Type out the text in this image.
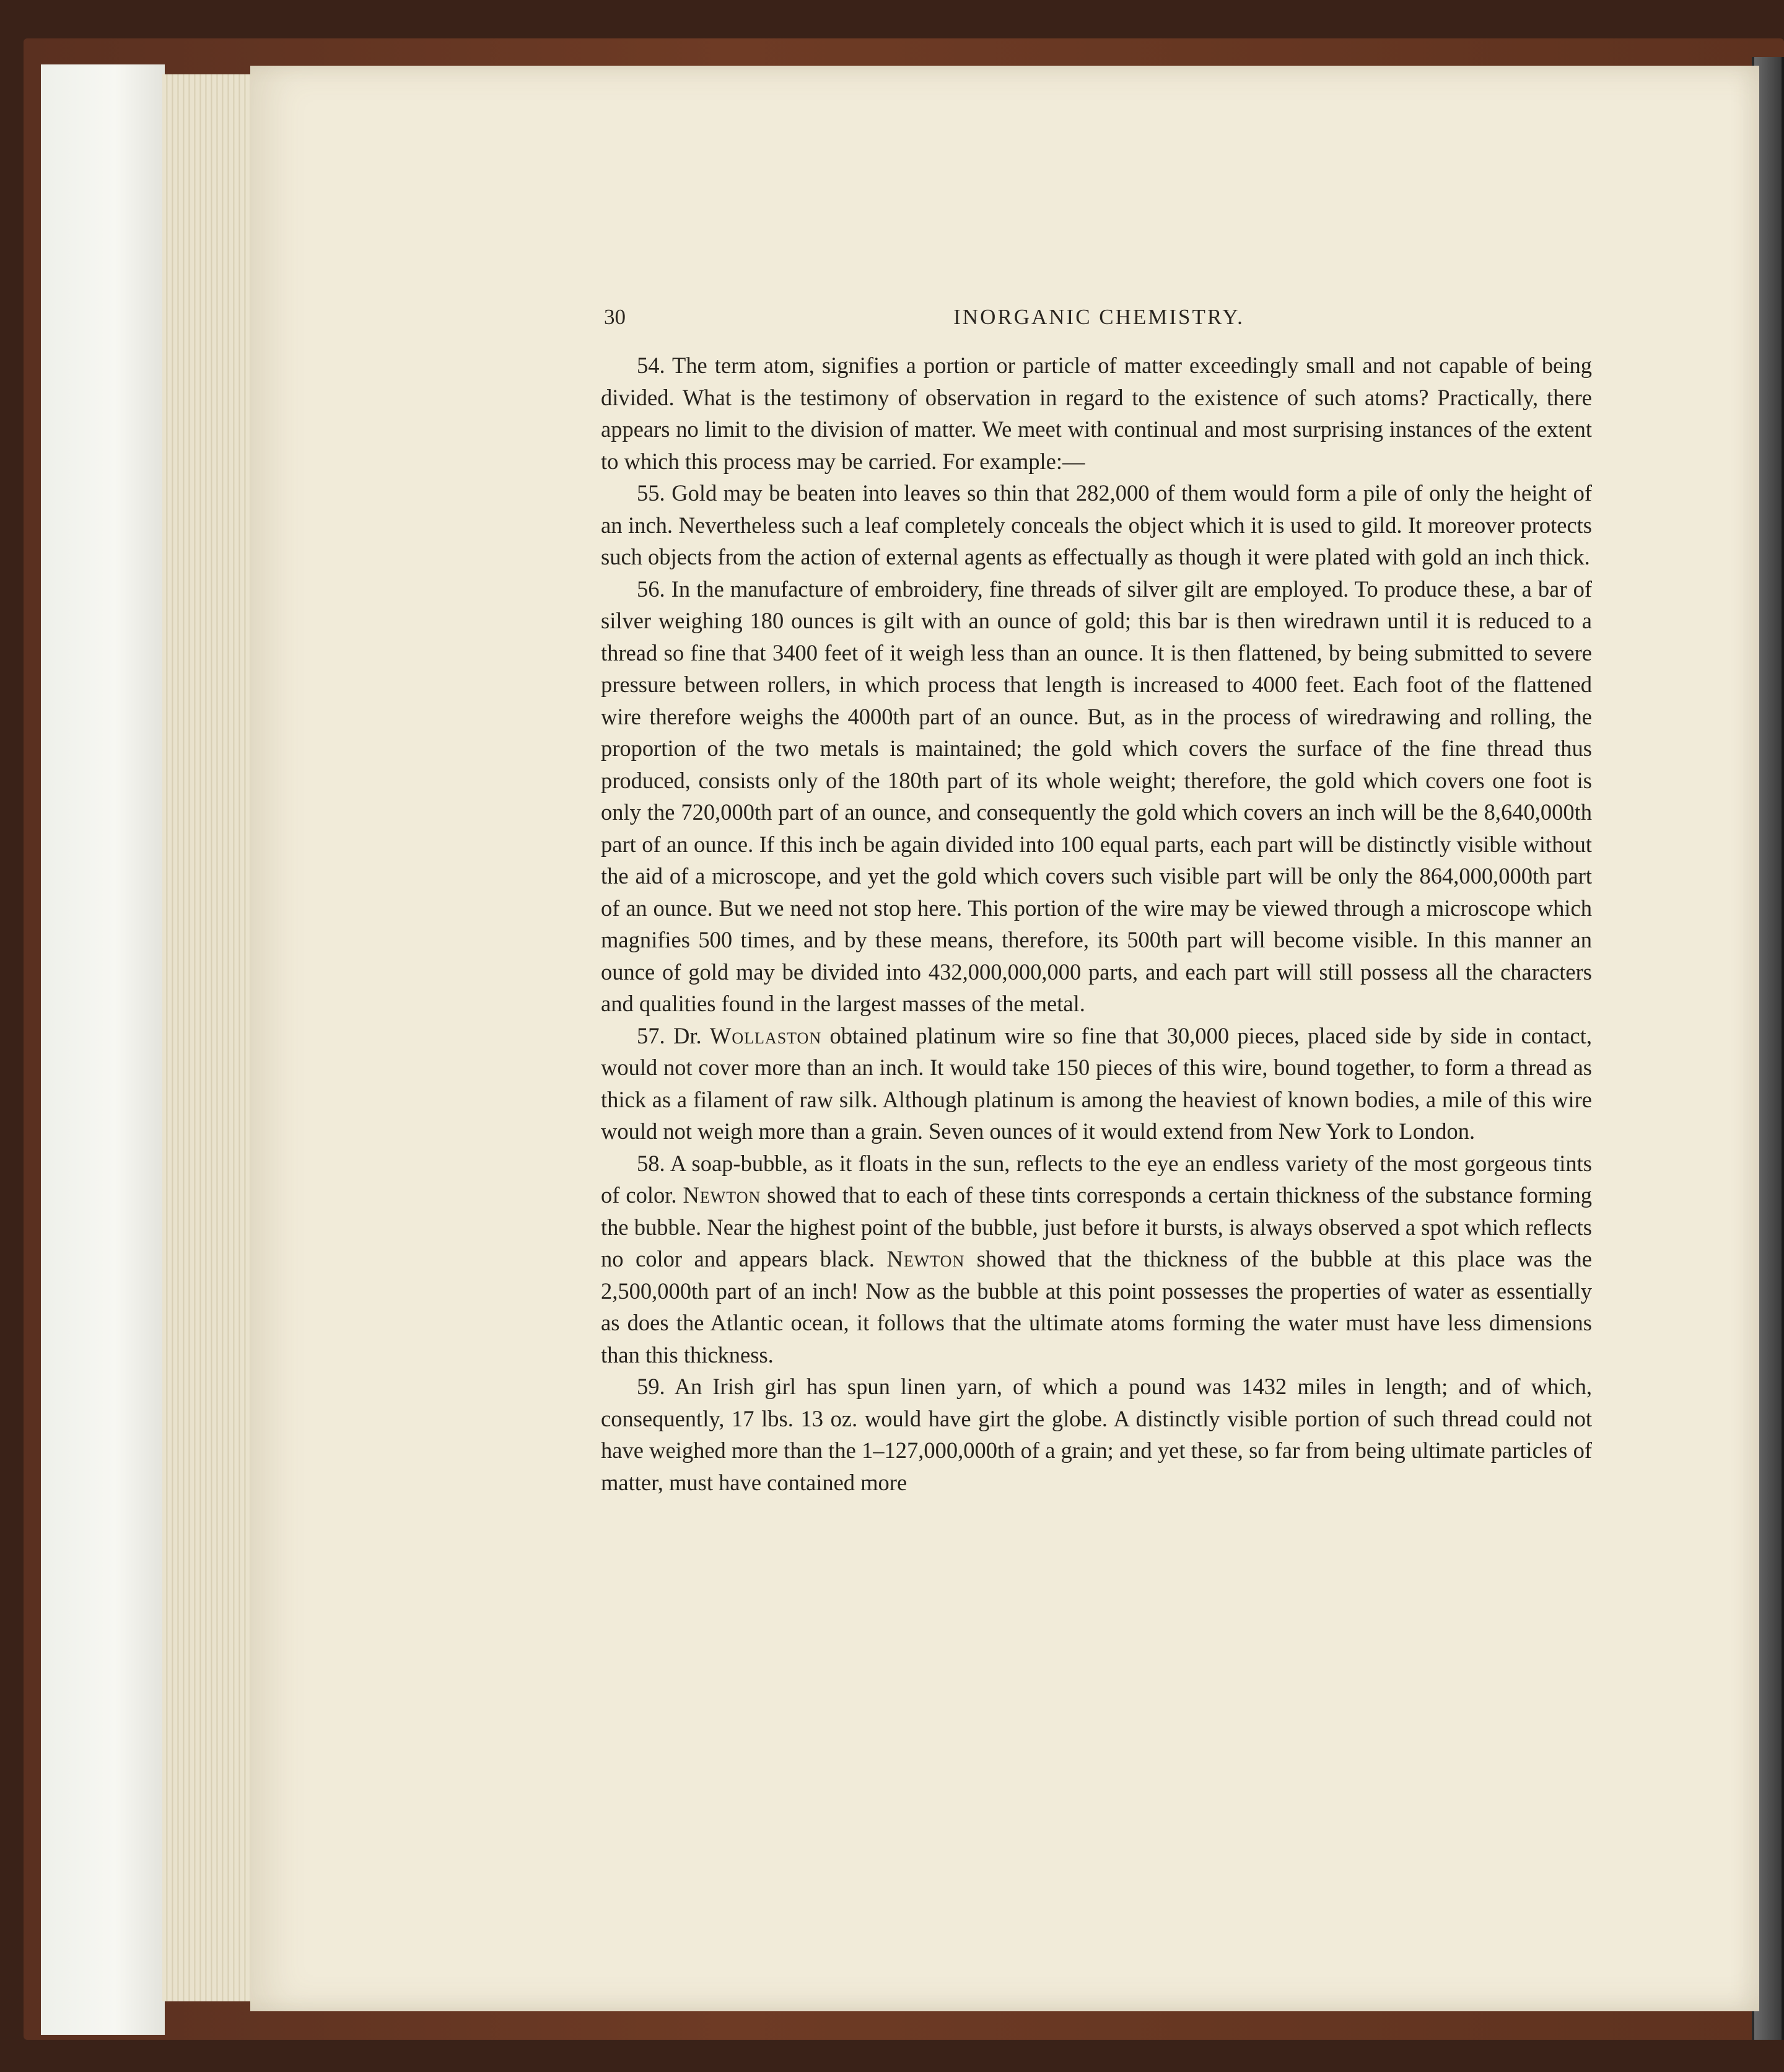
30	INORGANIC CHEMISTRY.

54. The term atom, signifies a portion or particle of matter exceedingly small and not capable of being divided. What is the testimony of observation in regard to the existence of such atoms? Practically, there appears no limit to the division of matter. We meet with continual and most surprising instances of the extent to which this process may be carried. For example:—

55. Gold may be beaten into leaves so thin that 282,000 of them would form a pile of only the height of an inch. Nevertheless such a leaf completely conceals the object which it is used to gild. It moreover protects such objects from the action of external agents as effectually as though it were plated with gold an inch thick.

56. In the manufacture of embroidery, fine threads of silver gilt are employed. To produce these, a bar of silver weighing 180 ounces is gilt with an ounce of gold; this bar is then wiredrawn until it is reduced to a thread so fine that 3400 feet of it weigh less than an ounce. It is then flattened, by being submitted to severe pressure between rollers, in which process that length is increased to 4000 feet. Each foot of the flattened wire therefore weighs the 4000th part of an ounce. But, as in the process of wiredrawing and rolling, the proportion of the two metals is maintained; the gold which covers the surface of the fine thread thus produced, consists only of the 180th part of its whole weight; therefore, the gold which covers one foot is only the 720,000th part of an ounce, and consequently the gold which covers an inch will be the 8,640,000th part of an ounce. If this inch be again divided into 100 equal parts, each part will be distinctly visible without the aid of a microscope, and yet the gold which covers such visible part will be only the 864,000,000th part of an ounce. But we need not stop here. This portion of the wire may be viewed through a microscope which magnifies 500 times, and by these means, therefore, its 500th part will become visible. In this manner an ounce of gold may be divided into 432,000,000,000 parts, and each part will still possess all the characters and qualities found in the largest masses of the metal.

57. Dr. Wollaston obtained platinum wire so fine that 30,000 pieces, placed side by side in contact, would not cover more than an inch. It would take 150 pieces of this wire, bound together, to form a thread as thick as a filament of raw silk. Although platinum is among the heaviest of known bodies, a mile of this wire would not weigh more than a grain. Seven ounces of it would extend from New York to London.

58. A soap-bubble, as it floats in the sun, reflects to the eye an endless variety of the most gorgeous tints of color. Newton showed that to each of these tints corresponds a certain thickness of the substance forming the bubble. Near the highest point of the bubble, just before it bursts, is always observed a spot which reflects no color and appears black. Newton showed that the thickness of the bubble at this place was the 2,500,000th part of an inch! Now as the bubble at this point possesses the properties of water as essentially as does the Atlantic ocean, it follows that the ultimate atoms forming the water must have less dimensions than this thickness.

59. An Irish girl has spun linen yarn, of which a pound was 1432 miles in length; and of which, consequently, 17 lbs. 13 oz. would have girt the globe. A distinctly visible portion of such thread could not have weighed more than the 1–127,000,000th of a grain; and yet these, so far from being ultimate particles of matter, must have contained more
